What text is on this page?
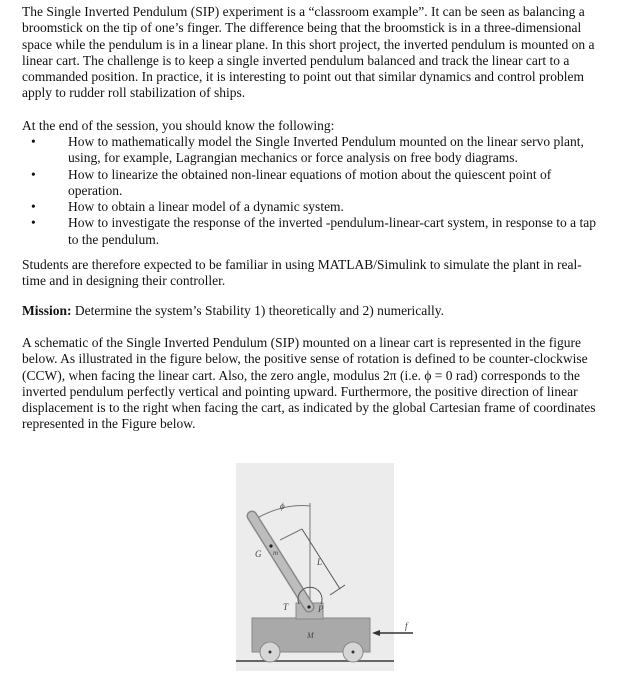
The Single Inverted Pendulum (SIP) experiment is a “classroom example”. It can be seen as balancing a
broomstick on the tip of one’s finger. The difference being that the broomstick is in a three-dimensional
space while the pendulum is in a linear plane. In this short project, the inverted pendulum is mounted on a
linear cart. The challenge is to keep a single inverted pendulum balanced and track the linear cart to a
commanded position. In practice, it is interesting to point out that similar dynamics and control problem
apply to rudder roll stabilization of ships.

At the end of the session, you should know the following:

• How to mathematically model the Single Inverted Pendulum mounted on the linear servo plant,
using, for example, Lagrangian mechanics or force analysis on free body diagrams.
• How to linearize the obtained non-linear equations of motion about the quiescent point of
operation.
• How to obtain a linear model of a dynamic system.
• How to investigate the response of the inverted -pendulum-linear-cart system, in response to a tap
to the pendulum.

Students are therefore expected to be familiar in using MATLAB/Simulink to simulate the plant in real-
time and in designing their controller.

Mission: Determine the system’s Stability 1) theoretically and 2) numerically.

A schematic of the Single Inverted Pendulum (SIP) mounted on a linear cart is represented in the figure
below. As illustrated in the figure below, the positive sense of rotation is defined to be counter-clockwise
(CCW), when facing the linear cart. Also, the zero angle, modulus 2π (i.e. ϕ = 0 rad) corresponds to the
inverted pendulum perfectly vertical and pointing upward. Furthermore, the positive direction of linear
displacement is to the right when facing the cart, as indicated by the global Cartesian frame of coordinates
represented in the Figure below.

ϕ
G m
L
T	P
M
f
